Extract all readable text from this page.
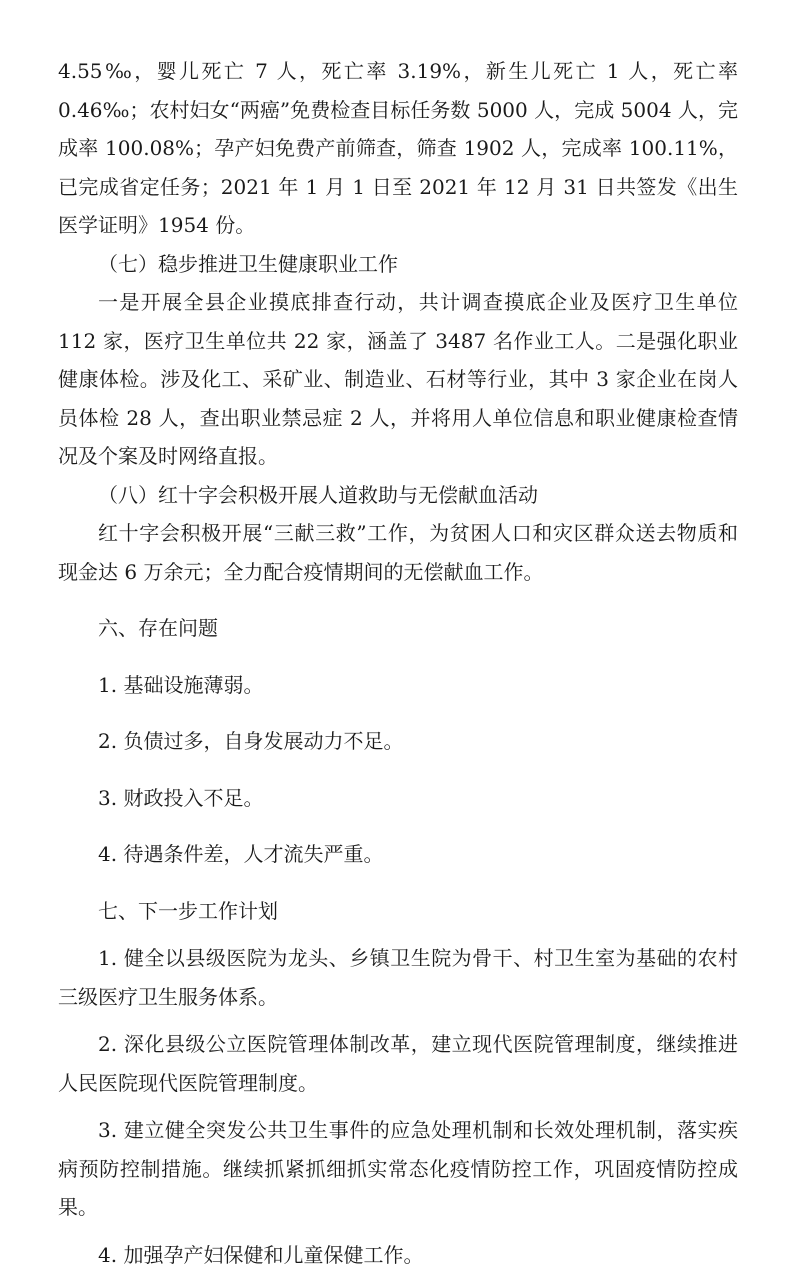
4.55‰，婴儿死亡 7 人，死亡率 3.19%，新生儿死亡 1 人，死亡率 0.46‰；农村妇女“两癌”免费检查目标任务数 5000 人，完成 5004 人，完成率 100.08%；孕产妇免费产前筛查，筛查 1902 人，完成率 100.11%，已完成省定任务；2021 年 1 月 1 日至 2021 年 12 月 31 日共签发《出生医学证明》1954 份。

（七）稳步推进卫生健康职业工作

一是开展全县企业摸底排查行动，共计调查摸底企业及医疗卫生单位 112 家，医疗卫生单位共 22 家，涵盖了 3487 名作业工人。二是强化职业健康体检。涉及化工、采矿业、制造业、石材等行业，其中 3 家企业在岗人员体检 28 人，查出职业禁忌症 2 人，并将用人单位信息和职业健康检查情况及个案及时网络直报。

（八）红十字会积极开展人道救助与无偿献血活动

红十字会积极开展“三献三救”工作，为贫困人口和灾区群众送去物质和现金达 6 万余元；全力配合疫情期间的无偿献血工作。

六、存在问题

1. 基础设施薄弱。

2. 负债过多，自身发展动力不足。

3. 财政投入不足。

4. 待遇条件差，人才流失严重。

七、下一步工作计划

1. 健全以县级医院为龙头、乡镇卫生院为骨干、村卫生室为基础的农村三级医疗卫生服务体系。

2. 深化县级公立医院管理体制改革，建立现代医院管理制度，继续推进人民医院现代医院管理制度。

3. 建立健全突发公共卫生事件的应急处理机制和长效处理机制，落实疾病预防控制措施。继续抓紧抓细抓实常态化疫情防控工作，巩固疫情防控成果。

4. 加强孕产妇保健和儿童保健工作。
